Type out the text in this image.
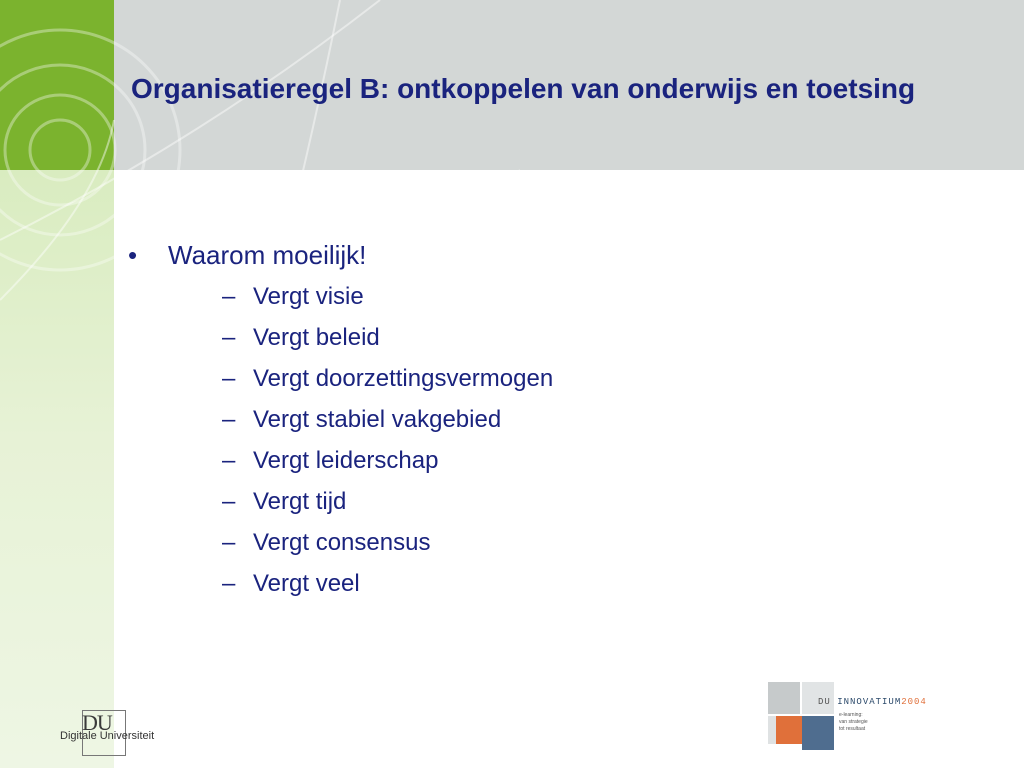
Organisatieregel B: ontkoppelen van onderwijs en toetsing
• Waarom moeilijk!
– Vergt visie
– Vergt beleid
– Vergt doorzettingsvermogen
– Vergt stabiel vakgebied
– Vergt leiderschap
– Vergt tijd
– Vergt consensus
– Vergt veel
DU
Digitale Universiteit
DU INNOVATIUM2004
e-learning:
van strategie
tot resultaat
